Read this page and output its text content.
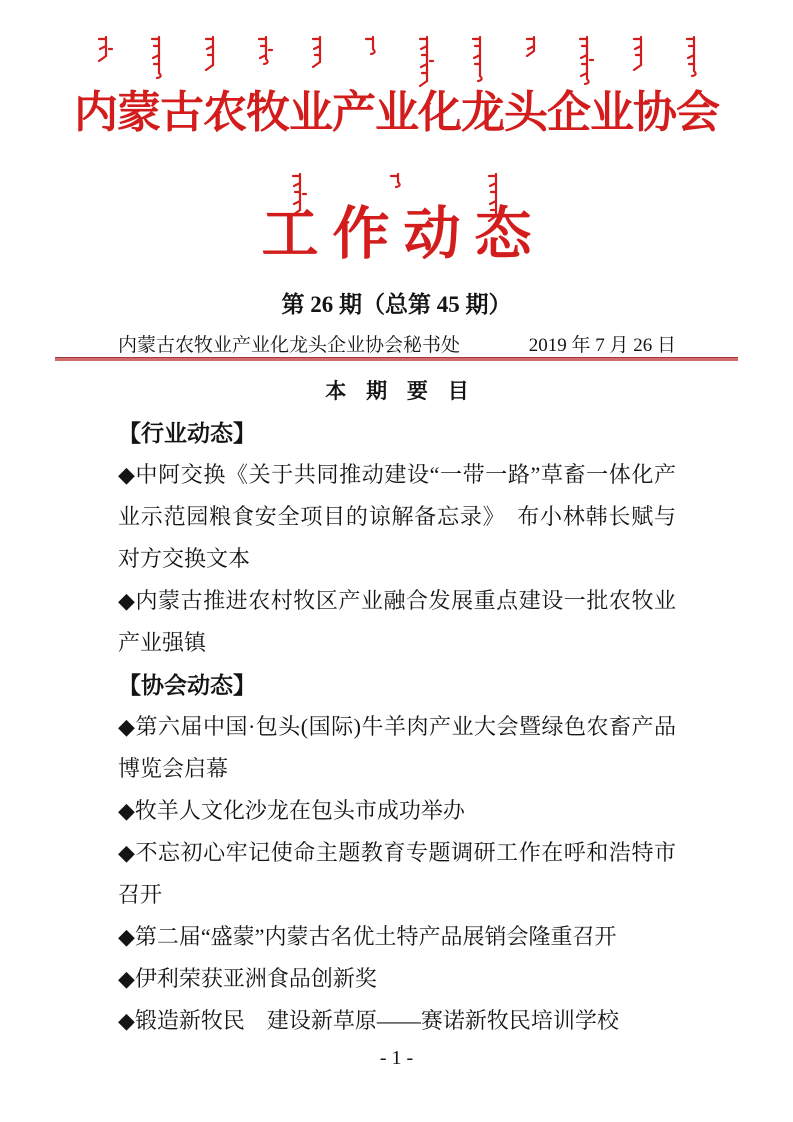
内蒙古农牧业产业化龙头企业协会
工作动态
第 26 期（总第 45 期）
内蒙古农牧业产业化龙头企业协会秘书处	2019 年 7 月 26 日
本 期 要 目
【行业动态】
◆中阿交换《关于共同推动建设“一带一路”草畜一体化产业示范园粮食安全项目的谅解备忘录》　布小林韩长赋与对方交换文本
◆内蒙古推进农村牧区产业融合发展重点建设一批农牧业产业强镇
【协会动态】
◆第六届中国·包头(国际)牛羊肉产业大会暨绿色农畜产品博览会启幕
◆牧羊人文化沙龙在包头市成功举办
◆不忘初心牢记使命主题教育专题调研工作在呼和浩特市召开
◆第二届“盛蒙”内蒙古名优土特产品展销会隆重召开
◆伊利荣获亚洲食品创新奖
◆锻造新牧民　建设新草原——赛诺新牧民培训学校
- 1 -
